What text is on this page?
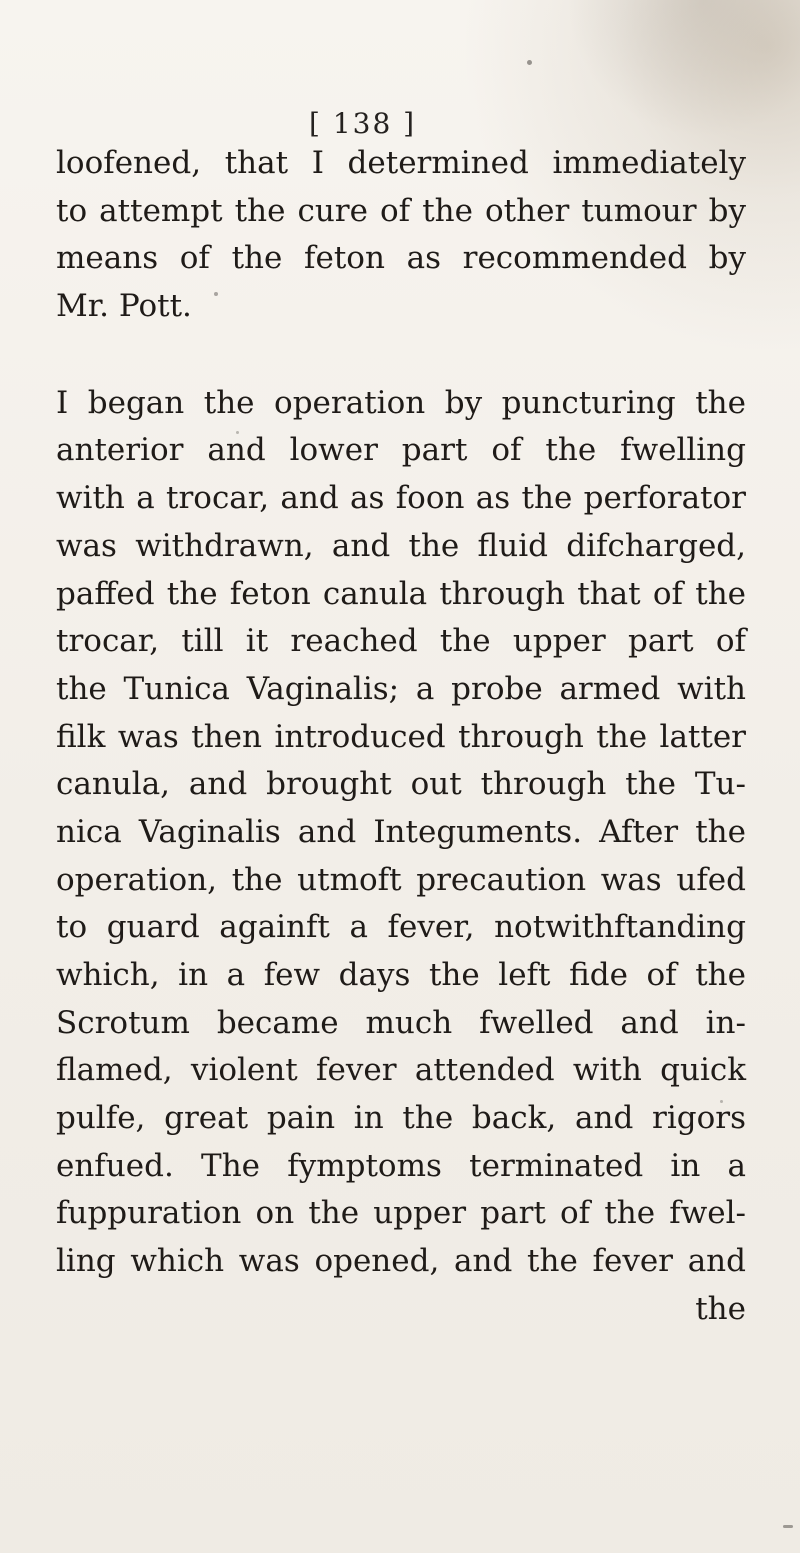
[ 138 ]
loofened, that I determined immediately
to attempt the cure of the other tumour by
means of the feton as recommended by
Mr. Pott.
I began the operation by puncturing the
anterior and lower part of the fwelling
with a trocar, and as foon as the perforator
was withdrawn, and the fluid difcharged,
paffed the feton canula through that of the
trocar, till it reached the upper part of
the Tunica Vaginalis; a probe armed with
filk was then introduced through the latter
canula, and brought out through the Tu-
nica Vaginalis and Integuments. After the
operation, the utmoft precaution was ufed
to guard againft a fever, notwithftanding
which, in a few days the left fide of the
Scrotum became much fwelled and in-
flamed, violent fever attended with quick
pulfe, great pain in the back, and rigors
enfued. The fymptoms terminated in a
fuppuration on the upper part of the fwel-
ling which was opened, and the fever and
the
